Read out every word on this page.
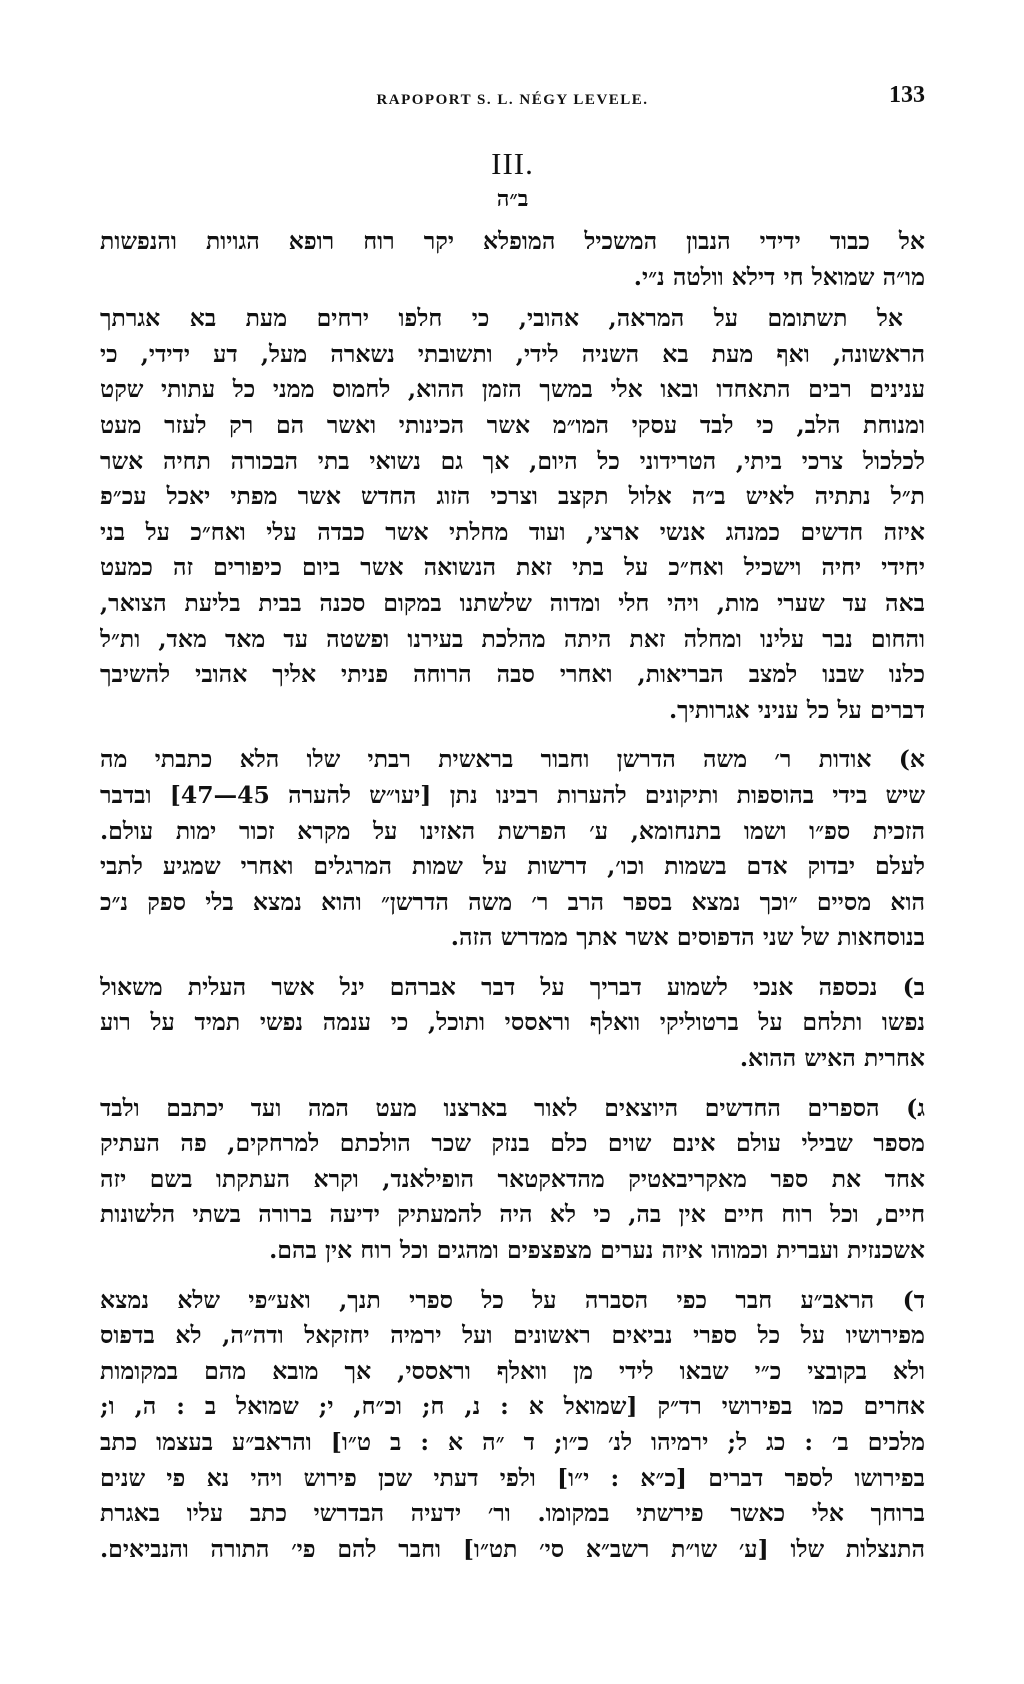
RAPOPORT S. L. NÉGY LEVELE.	133
III.
ב״ה
אל כבוד ידידי הנבון המשכיל המופלא יקר רוח רופא הגויות והנפשות
מו״ה שמואל חי דילא וולטה נ״י.
אל תשתומם על המראה, אהובי, כי חלפו ירחים מעת בא אגרתך
הראשונה, ואף מעת בא השניה לידי, ותשובתי נשארה מעל, דע ידידי, כי
ענינים רבים התאחדו ובאו אלי במשך הזמן ההוא, לחמוס ממני כל עתותי שקט
ומנוחת הלב, כי לבד עסקי המו״מ אשר הכינותי ואשר הם רק לעזר מעט
לכלכול צרכי ביתי, הטרידוני כל היום, אך גם נשואי בתי הבכורה תחיה אשר
ת״ל נתתיה לאיש ב״ה אלול תקצב וצרכי הזוג החדש אשר מפתי יאכל עכ״פ
איזה חדשים כמנהג אנשי ארצי, ועוד מחלתי אשר כבדה עלי ואח״כ על בני
יחידי יחיה וישכיל ואח״כ על בתי זאת הנשואה אשר ביום כיפורים זה כמעט
באה עד שערי מות, ויהי חלי ומדוה שלשתנו במקום סכנה בבית בליעת הצואר,
והחום נבר עלינו ומחלה זאת היתה מהלכת בעירנו ופשטה עד מאד מאד, ות״ל
כלנו שבנו למצב הבריאות, ואחרי סבה הרוחה פניתי אליך אהובי להשיבך
דברים על כל עניני אגרותיך.
א) אודות ר׳ משה הדרשן וחבור בראשית רבתי שלו הלא כתבתי מה
שיש בידי בהוספות ותיקונים להערות רבינו נתן [יעו״ש להערה 45—47] ובדבר
הזכית ספ״ו ושמו בתנחומא, ע׳ הפרשת האזינו על מקרא זכור ימות עולם.
לעלם יבדוק אדם בשמות וכו׳, דרשות על שמות המרגלים ואחרי שמגיע לתבי
הוא מסיים ״וכך נמצא בספר הרב ר׳ משה הדרשן״ והוא נמצא בלי ספק נ״כ
בנוסחאות של שני הדפוסים אשר אתך ממדרש הזה.
ב) נכספה אנכי לשמוע דבריך על דבר אברהם ינל אשר העלית משאול
נפשו ותלחם על ברטוליקי וואלף וראססי ותוכל, כי ענמה נפשי תמיד על רוע
אחרית האיש ההוא.
ג) הספרים החדשים היוצאים לאור בארצנו מעט המה ועד יכתבם ולבד
מספר שבילי עולם אינם שוים כלם בנזק שכר הולכתם למרחקים, פה העתיק
אחד את ספר מאקריבאטיק מהדאקטאר הופילאנד, וקרא העתקתו בשם יזה
חיים, וכל רוח חיים אין בה, כי לא היה להמעתיק ידיעה ברורה בשתי הלשונות
אשכנזית ועברית וכמוהו איזה נערים מצפצפים ומהגים וכל רוח אין בהם.
ד) הראב״ע חבר כפי הסברה על כל ספרי תנך, ואע״פי שלא נמצא
מפירושיו על כל ספרי נביאים ראשונים ועל ירמיה יחזקאל ודה״ה, לא בדפוס
ולא בקובצי כ״י שבאו לידי מן וואלף וראססי, אך מובא מהם במקומות
אחרים כמו בפירושי רד״ק [שמואל א : נ, ח; וכ״ח, י; שמואל ב : ה, ו;
מלכים ב׳ : כג ל; ירמיהו לנ׳ כ״ו; ד ״ה א : ב ט״ו] והראב״ע בעצמו כתב
בפירושו לספר דברים [כ״א : י״ו] ולפי דעתי שכן פירוש ויהי נא פי שנים
ברוחך אלי כאשר פירשתי במקומו. ור׳ ידעיה הבדרשי כתב עליו באגרת
התנצלות שלו [ע׳ שו״ת רשב״א סי׳ תט״ו] וחבר להם פי׳ התורה והנביאים.
